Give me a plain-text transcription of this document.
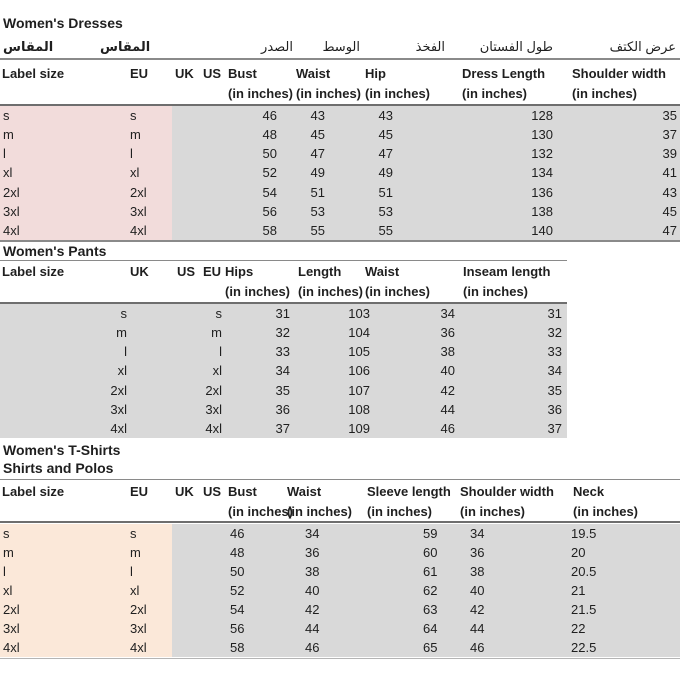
Women's Dresses
المقاس	المقاس	الصدر الوسط	الفخذ	طول الفستان	عرض الكتف
Label size	EU UK US Bust	Waist	Hip	Dress Length Shoulder width
(in inches) (in inches) (in inches) (in inches)	(in inches)
s	s	46	43	43	128	35
m	m	48	45	45	130	37
l	l	50	47	47	132	39
xl	xl	52	49	49	134	41
2xl	2xl	54	51	51	136	43
3xl	3xl	56	53	53	138	45
4xl	4xl	58	55	55	140	47
Women's Pants
Label size	UK US EU Hips	Length Waist	Inseam length
(in inches) (in inches) (in inches)	(in inches)
s	s	31	103	34	31
m	m	32	104	36	32
l	l	33	105	38	33
xl	xl	34	106	40	34
2xl	2xl	35	107	42	35
3xl	3xl	36	108	44	36
4xl	4xl	37	109	46	37
Women's T-Shirts
Shirts and Polos
Label size	EU UK US Bust Waist	Sleeve length Shoulder width Neck
(in inches)
(in inches) (in inches) (in inches)	(in inches)
s	s	46	34	59	34	19.5
m	m	48	36	60	36	20
l	l	50	38	61	38	20.5
xl	xl	52	40	62	40	21
2xl	2xl	54	42	63	42	21.5
3xl	3xl	56	44	64	44	22
4xl	4xl	58	46	65	46	22.5
